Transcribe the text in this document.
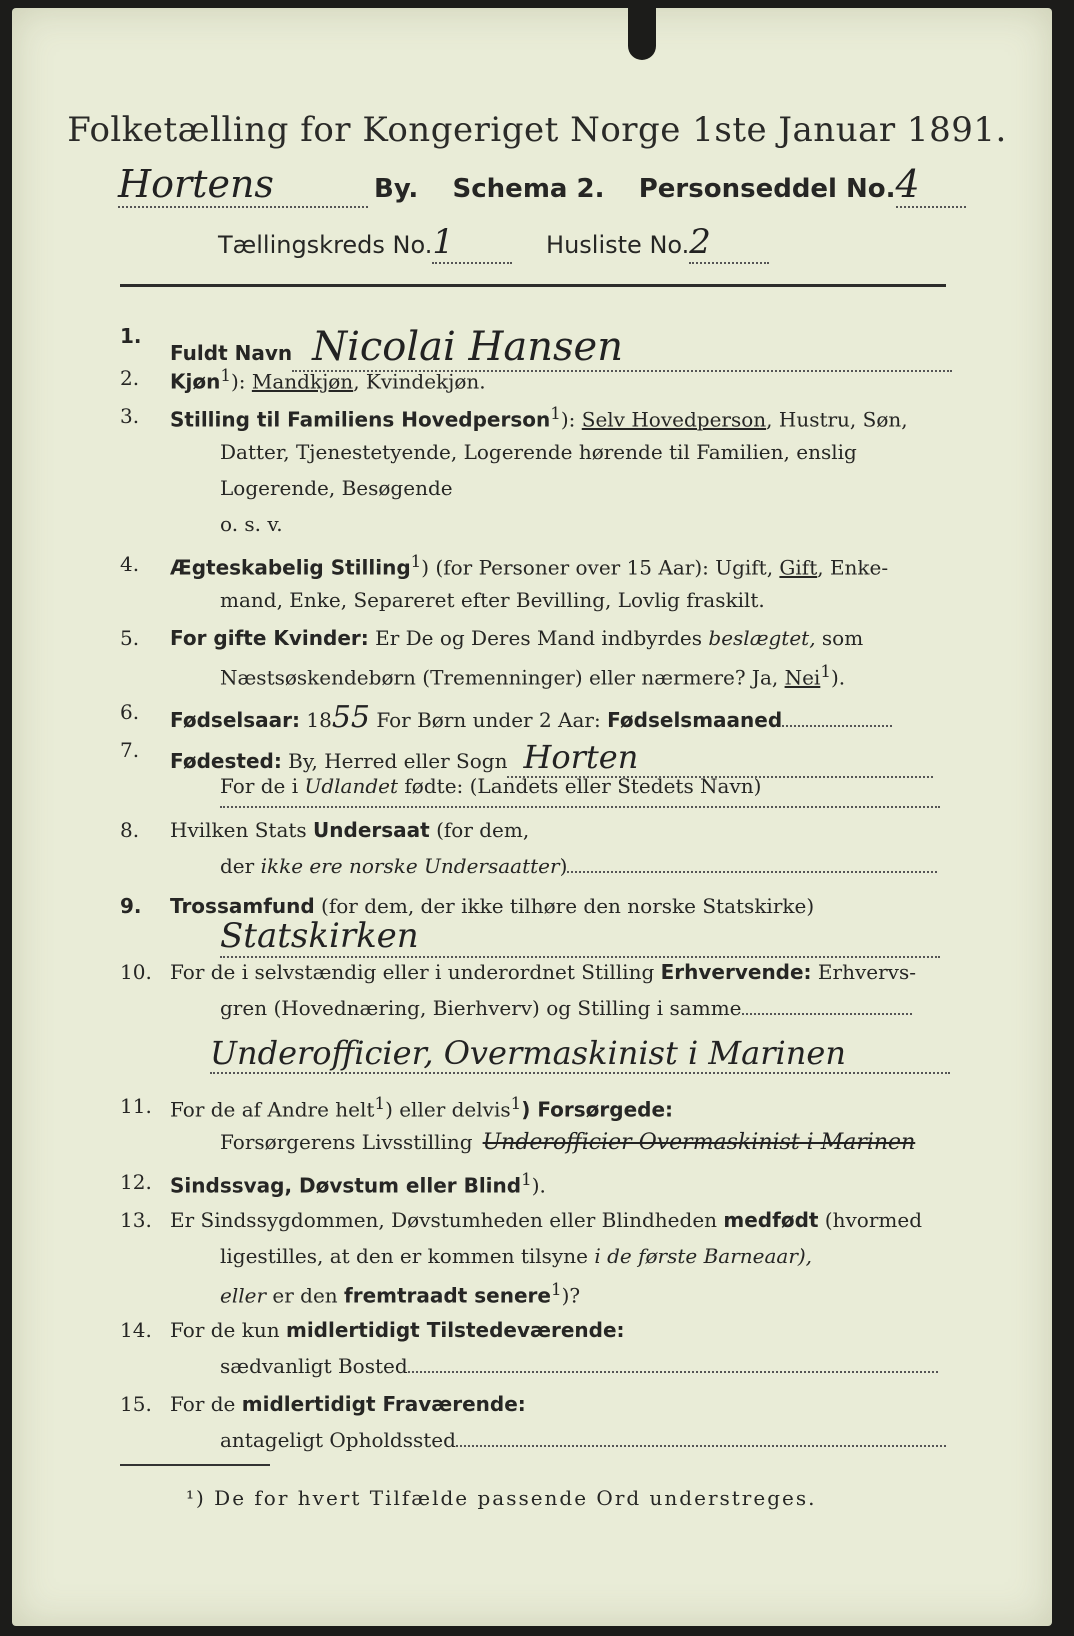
Folketælling for Kongeriget Norge 1ste Januar 1891.
Hortens	By. Schema 2. Personseddel No.4
Tællingskreds No.1	Husliste No.2
1.
Fuldt Navn Nicolai Hansen
2.	Kjøn$^1$): Mandkjøn, Kvindekjøn.
3.	Stilling til Familiens Hovedperson$^1$): Selv Hovedperson, Hustru, Søn,
Datter, Tjenestetyende, Logerende hørende til Familien, enslig
Logerende, Besøgende
o. s. v.
4.	Ægteskabelig Stilling$^1$) (for Personer over 15 Aar): Ugift, Gift, Enke-
mand, Enke, Separeret efter Bevilling, Lovlig fraskilt.
5.	For gifte Kvinder: Er De og Deres Mand indbyrdes beslægtet, som
Næstsøskendebørn (Tremenninger) eller nærmere? Ja, Nei$^1$).
6.	Fødselsaar: 1855 For Børn under 2 Aar: Fødselsmaaned
7.	Fødested: By, Herred eller Sogn Horten
For de i Udlandet fødte: (Landets eller Stedets Navn)
8.	Hvilken Stats Undersaat (for dem,
der ikke ere norske Undersaatter)
9.	Trossamfund (for dem, der ikke tilhøre den norske Statskirke)
Statskirken
10. For de i selvstændig eller i underordnet Stilling Erhvervende: Erhvervs-
gren (Hovednæring, Bierhverv) og Stilling i samme
Underofficier, Overmaskinist i Marinen
11. For de af Andre helt$^1$) eller delvis$^1$) Forsørgede:
Forsørgerens Livsstilling Underofficier Overmaskinist i Marinen
12. Sindssvag, Døvstum eller Blind$^1$).
13. Er Sindssygdommen, Døvstumheden eller Blindheden medfødt (hvormed
ligestilles, at den er kommen tilsyne i de første Barneaar),
eller er den fremtraadt senere$^1$)?
14. For de kun midlertidigt Tilstedeværende:
sædvanligt Bosted
15. For de midlertidigt Fraværende:
antageligt Opholdssted
¹) De for hvert Tilfælde passende Ord understreges.
